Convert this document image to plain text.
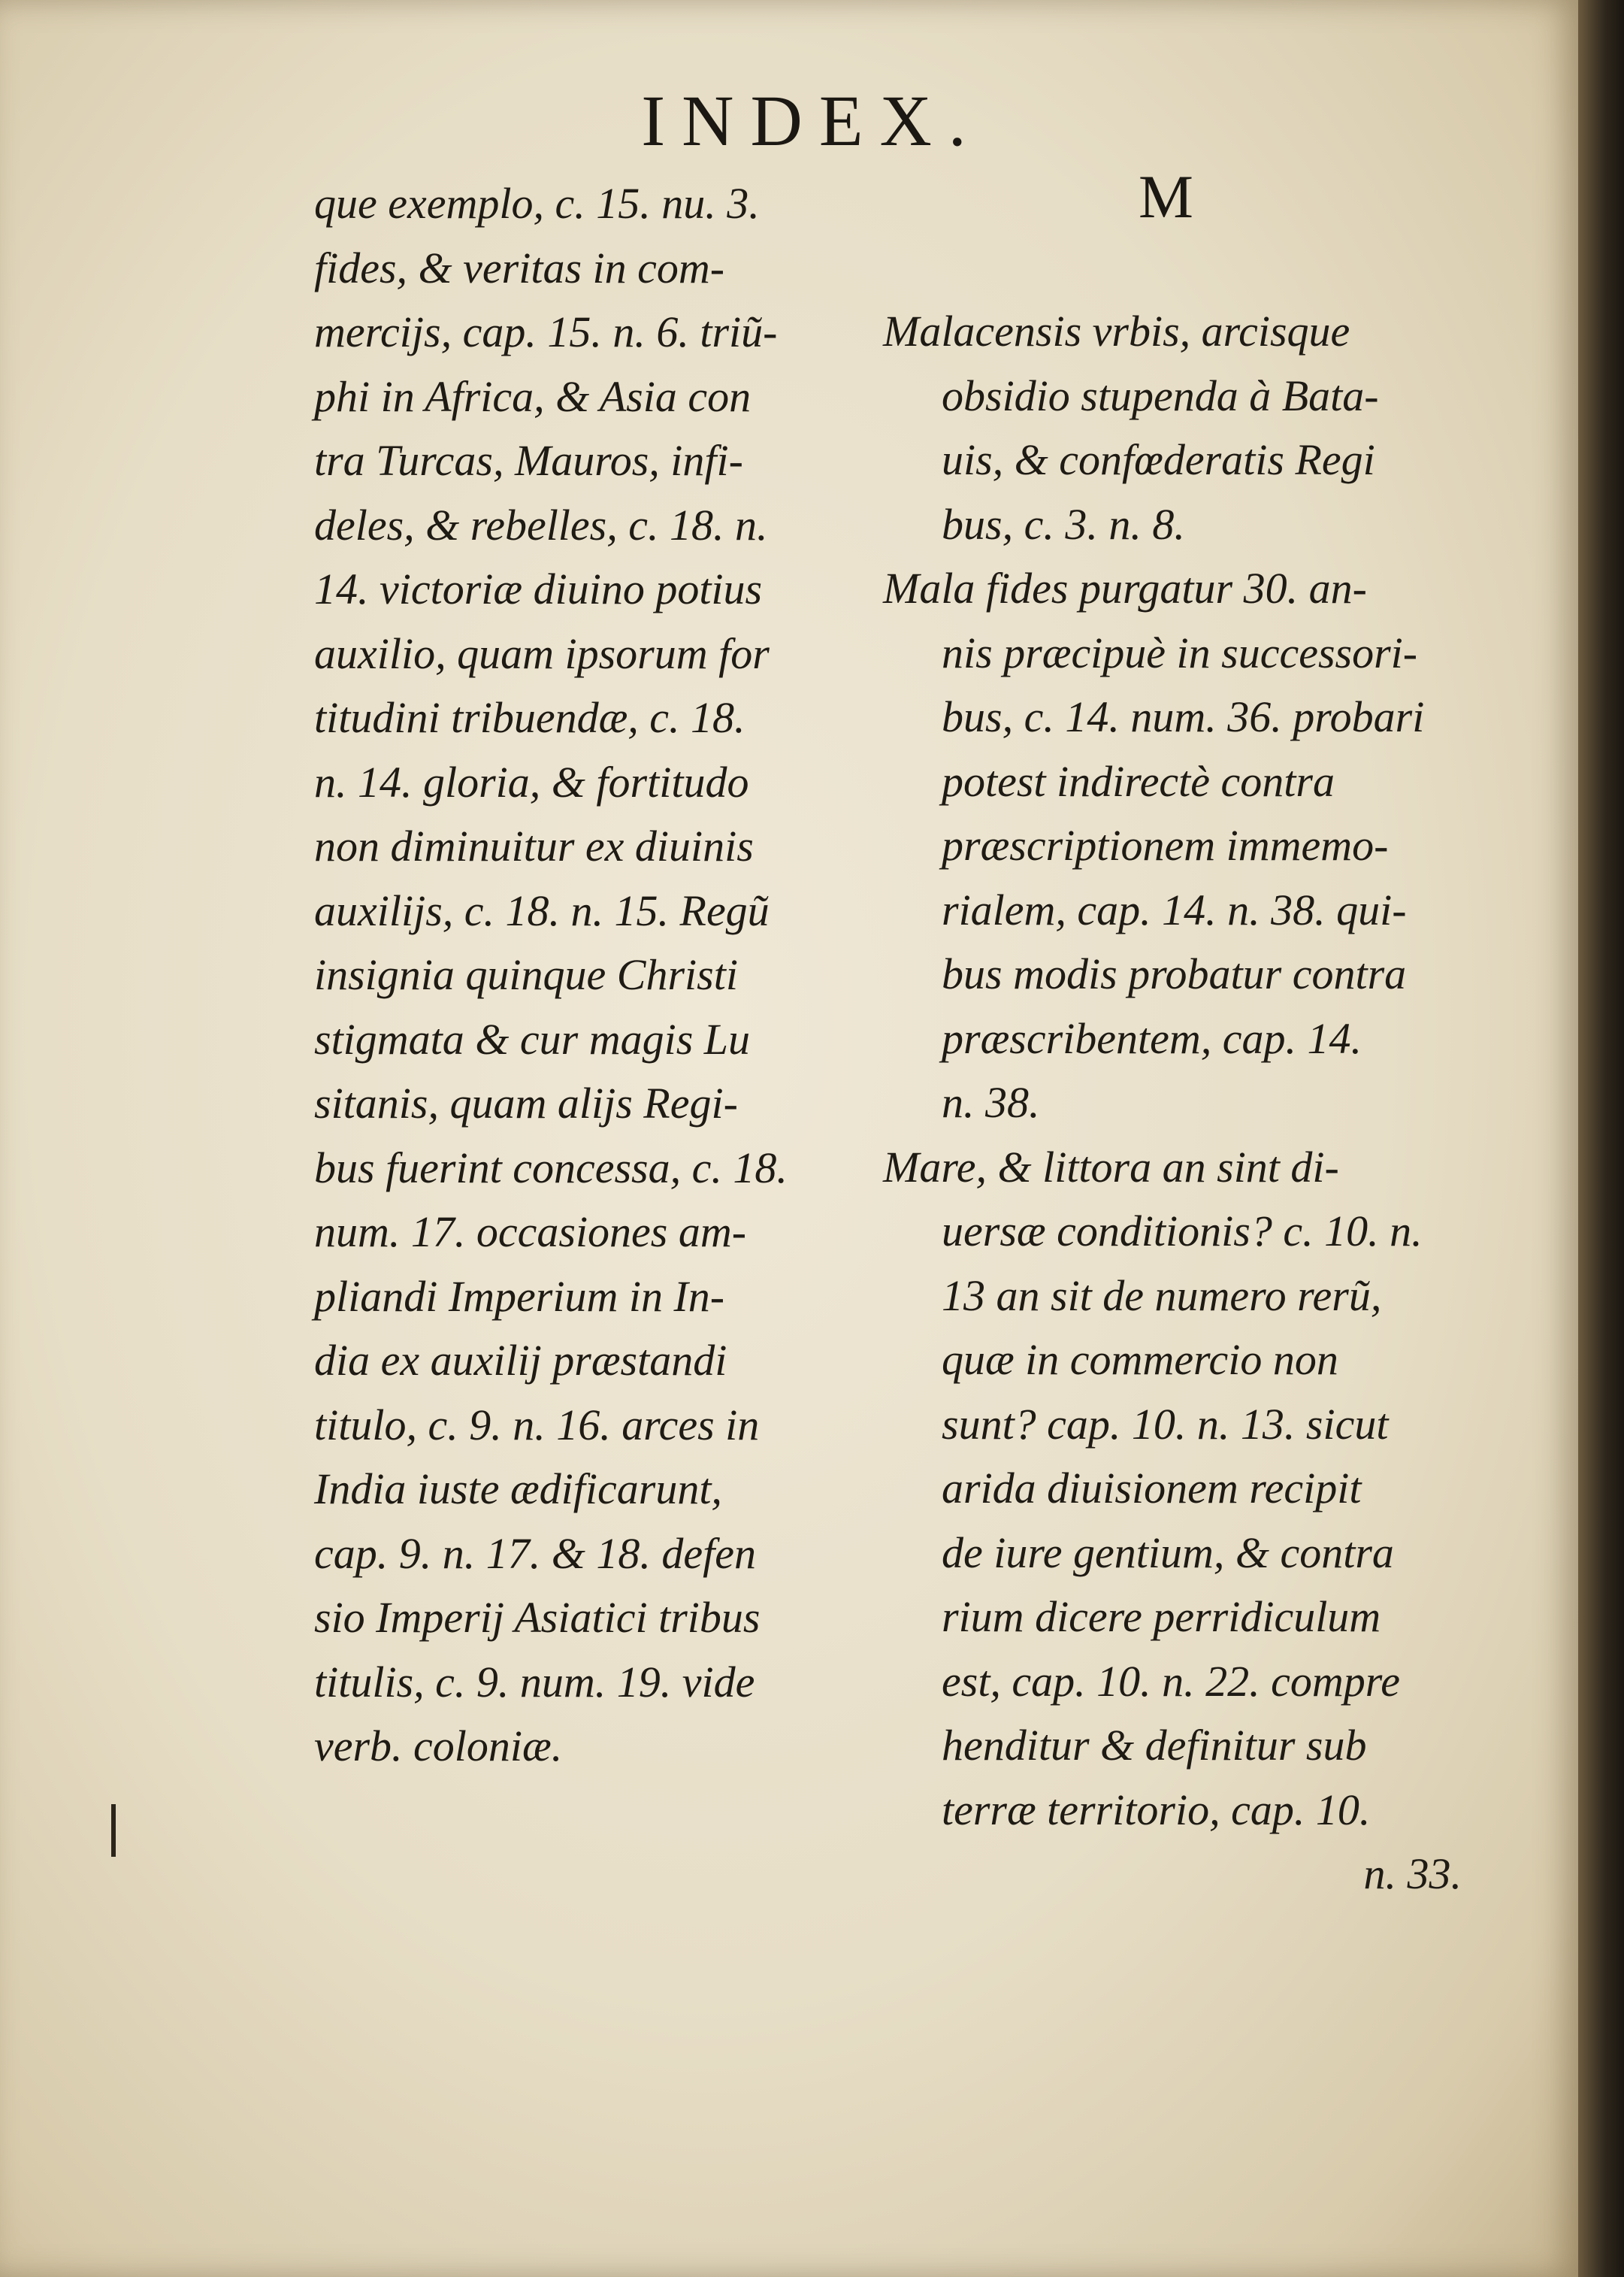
INDEX.

que exemplo, c. 15. nu. 3.

fides, & veritas in com-

mercijs, cap. 15. n. 6. triũ-

phi in Africa, & Asia con

tra Turcas, Mauros, infi-

deles, & rebelles, c. 18. n.

14. victoriæ diuino potius

auxilio, quam ipsorum for

titudini tribuendæ, c. 18.

n. 14. gloria, & fortitudo

non diminuitur ex diuinis

auxilijs, c. 18. n. 15. Regũ

insignia quinque Christi

stigmata & cur magis Lu

sitanis, quam alijs Regi-

bus fuerint concessa, c. 18.

num. 17. occasiones am-

pliandi Imperium in In-

dia ex auxilij præstandi

titulo, c. 9. n. 16. arces in

India iuste ædificarunt,

cap. 9. n. 17. & 18. defen

sio Imperij Asiatici tribus

titulis, c. 9. num. 19. vide

verb. coloniæ.

M

Malacensis vrbis, arcisque

obsidio stupenda à Bata-

uis, & confœderatis Regi

bus, c. 3. n. 8.

Mala fides purgatur 30. an-

nis præcipuè in successori-

bus, c. 14. num. 36. probari

potest indirectè contra

præscriptionem immemo-

rialem, cap. 14. n. 38. qui-

bus modis probatur contra

præscribentem, cap. 14.

n. 38.

Mare, & littora an sint di-

uersæ conditionis? c. 10. n.

13 an sit de numero rerũ,

quæ in commercio non

sunt? cap. 10. n. 13. sicut

arida diuisionem recipit

de iure gentium, & contra

rium dicere perridiculum

est, cap. 10. n. 22. compre

henditur & definitur sub

terræ territorio, cap. 10.

n. 33.
